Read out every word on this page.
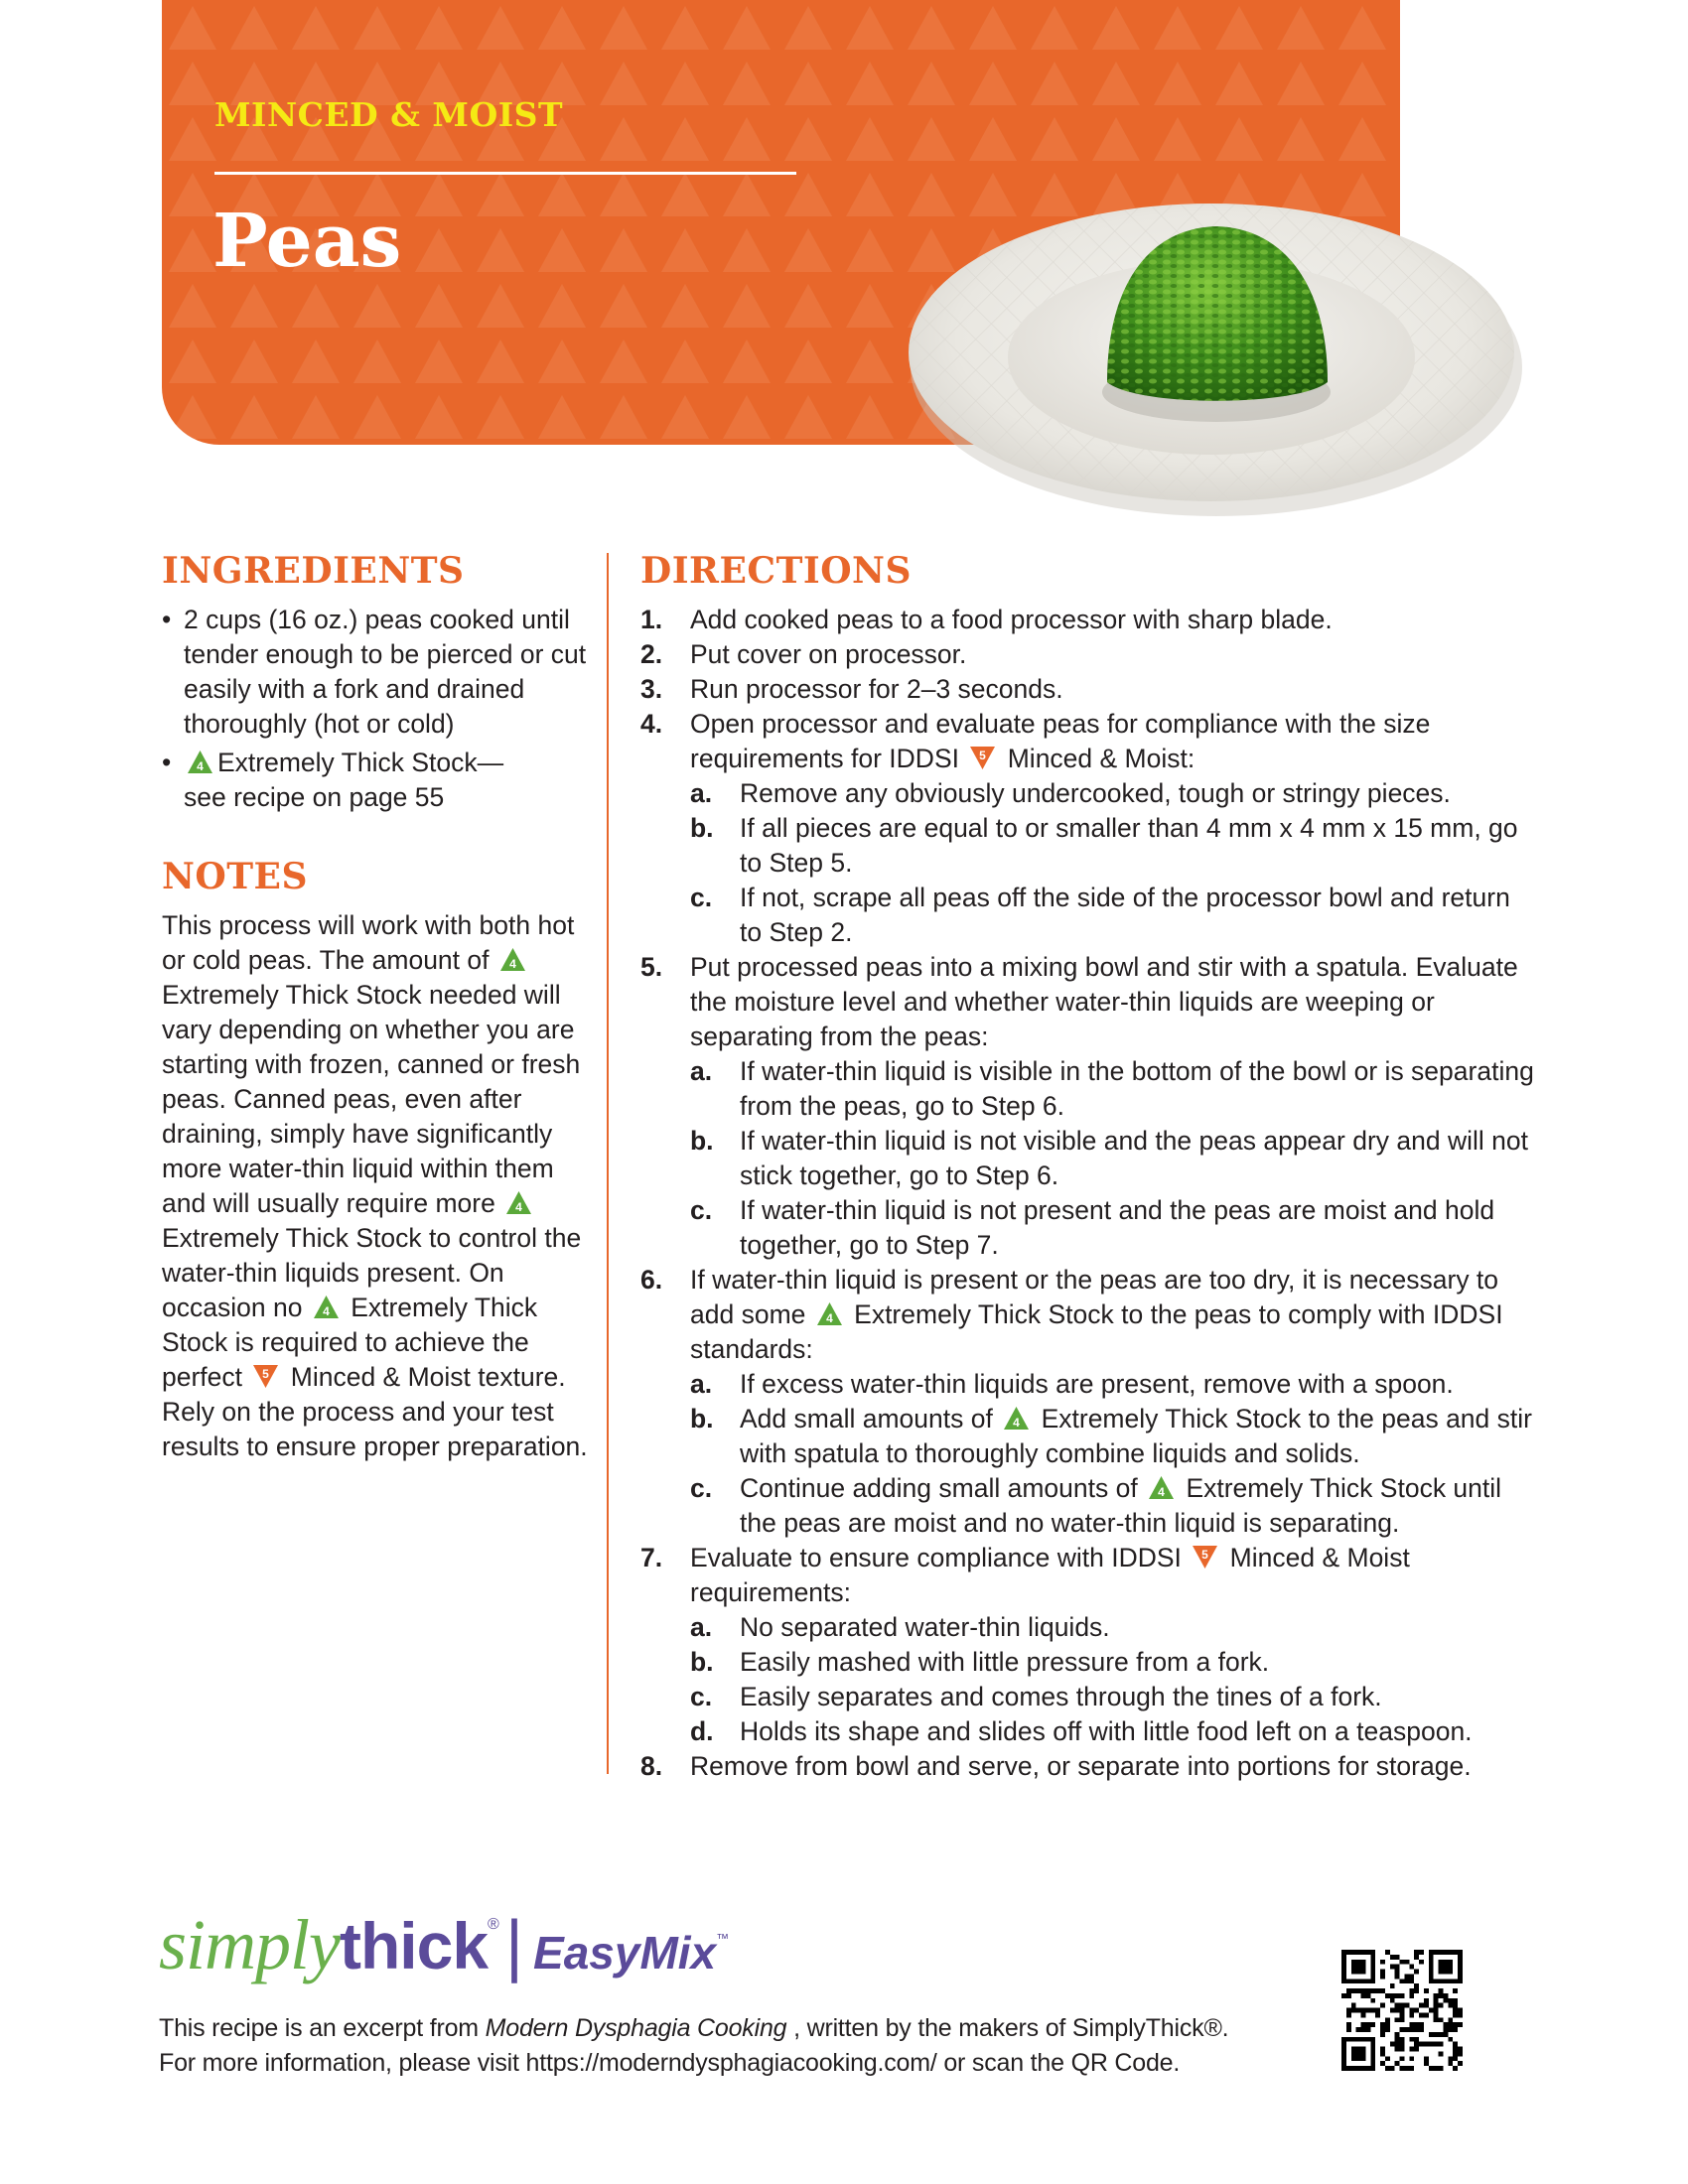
MINCED & MOIST
Peas
INGREDIENTS
• 2 cups (16 oz.) peas cooked until tender enough to be pierced or cut easily with a fork and drained thoroughly (hot or cold)
• 4 Extremely Thick Stock—
see recipe on page 55
NOTES

This process will work with both hot or cold peas. The amount of 4
Extremely Thick Stock needed will vary depending on whether you are starting with frozen, canned or fresh peas. Canned peas, even after draining, simply have significantly more water-thin liquid within them and will usually require more 4
Extremely Thick Stock to control the water-thin liquids present. On occasion no 4 Extremely Thick Stock is required to achieve the perfect 5 Minced & Moist texture. Rely on the process and your test results to ensure proper preparation.

DIRECTIONS
1. Add cooked peas to a food processor with sharp blade.
2. Put cover on processor.
3. Run processor for 2–3 seconds.
4. Open processor and evaluate peas for compliance with the size requirements for IDDSI 5 Minced & Moist:
a. Remove any obviously undercooked, tough or stringy pieces.
b. If all pieces are equal to or smaller than 4 mm x 4 mm x 15 mm, go to Step 5.
c. If not, scrape all peas off the side of the processor bowl and return to Step 2.
5. Put processed peas into a mixing bowl and stir with a spatula. Evaluate the moisture level and whether water-thin liquids are weeping or separating from the peas:
a. If water-thin liquid is visible in the bottom of the bowl or is separating from the peas, go to Step 6.
b. If water-thin liquid is not visible and the peas appear dry and will not stick together, go to Step 6.
c. If water-thin liquid is not present and the peas are moist and hold together, go to Step 7.
6. If water-thin liquid is present or the peas are too dry, it is necessary to add some 4 Extremely Thick Stock to the peas to comply with IDDSI standards:
a. If excess water-thin liquids are present, remove with a spoon.
b. Add small amounts of 4 Extremely Thick Stock to the peas and stir with spatula to thoroughly combine liquids and solids.
c. Continue adding small amounts of 4 Extremely Thick Stock until the peas are moist and no water-thin liquid is separating.
7. Evaluate to ensure compliance with IDDSI 5 Minced & Moist requirements:
a. No separated water-thin liquids.
b. Easily mashed with little pressure from a fork.
c. Easily separates and comes through the tines of a fork.
d. Holds its shape and slides off with little food left on a teaspoon.
8. Remove from bowl and serve, or separate into portions for storage.
simplythick®| EasyMix™
This recipe is an excerpt from Modern Dysphagia Cooking , written by the makers of SimplyThick®.
For more information, please visit https://moderndysphagiacooking.com/ or scan the QR Code.
